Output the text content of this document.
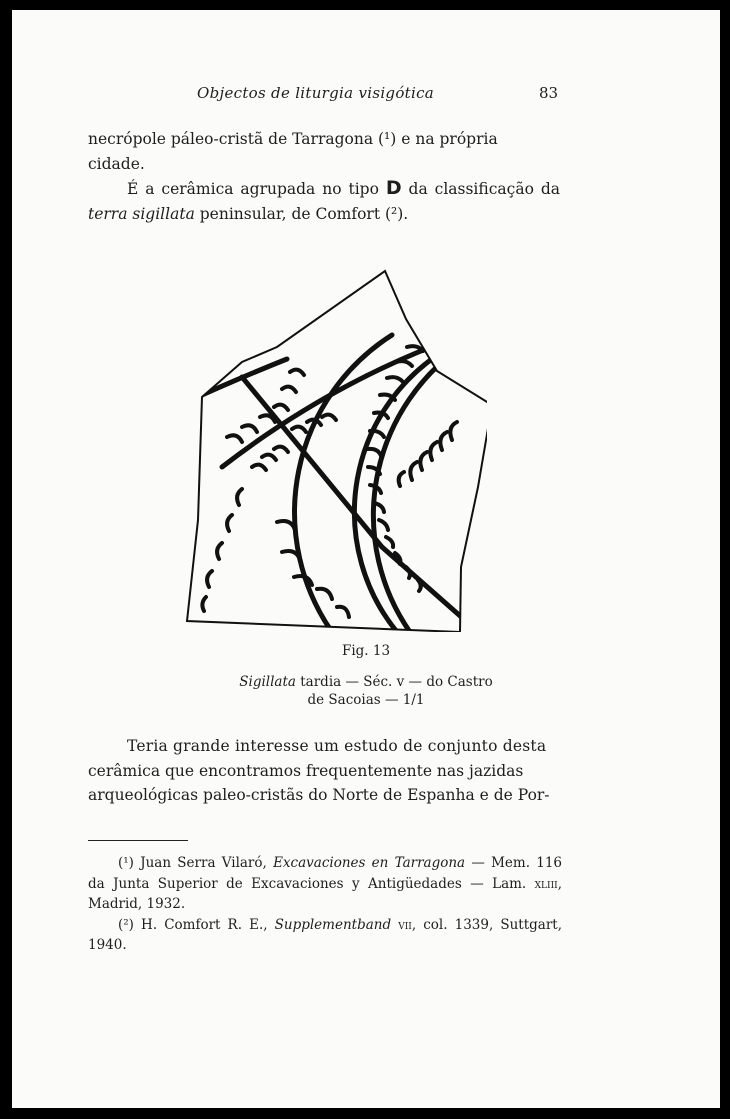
Objectos de liturgia visigótica	83

necrópole páleo-cristã de Tarragona (¹) e na própria
cidade.

É a cerâmica agrupada no tipo D da classificação da terra sigillata peninsular, de Comfort (²).

Fig. 13
Sigillata tardia — Séc. v — do Castro
de Sacoias — 1/1

Teria grande interesse um estudo de conjunto desta

cerâmica que encontramos frequentemente nas jazidas

arqueológicas paleo-cristãs do Norte de Espanha e de Por-

(¹) Juan Serra Vilaró, Excavaciones en Tarragona — Mem. 116 da Junta Superior de Excavaciones y Antigüedades — Lam. xliii, Madrid, 1932.

(²) H. Comfort R. E., Supplementband vii, col. 1339, Suttgart, 1940.
